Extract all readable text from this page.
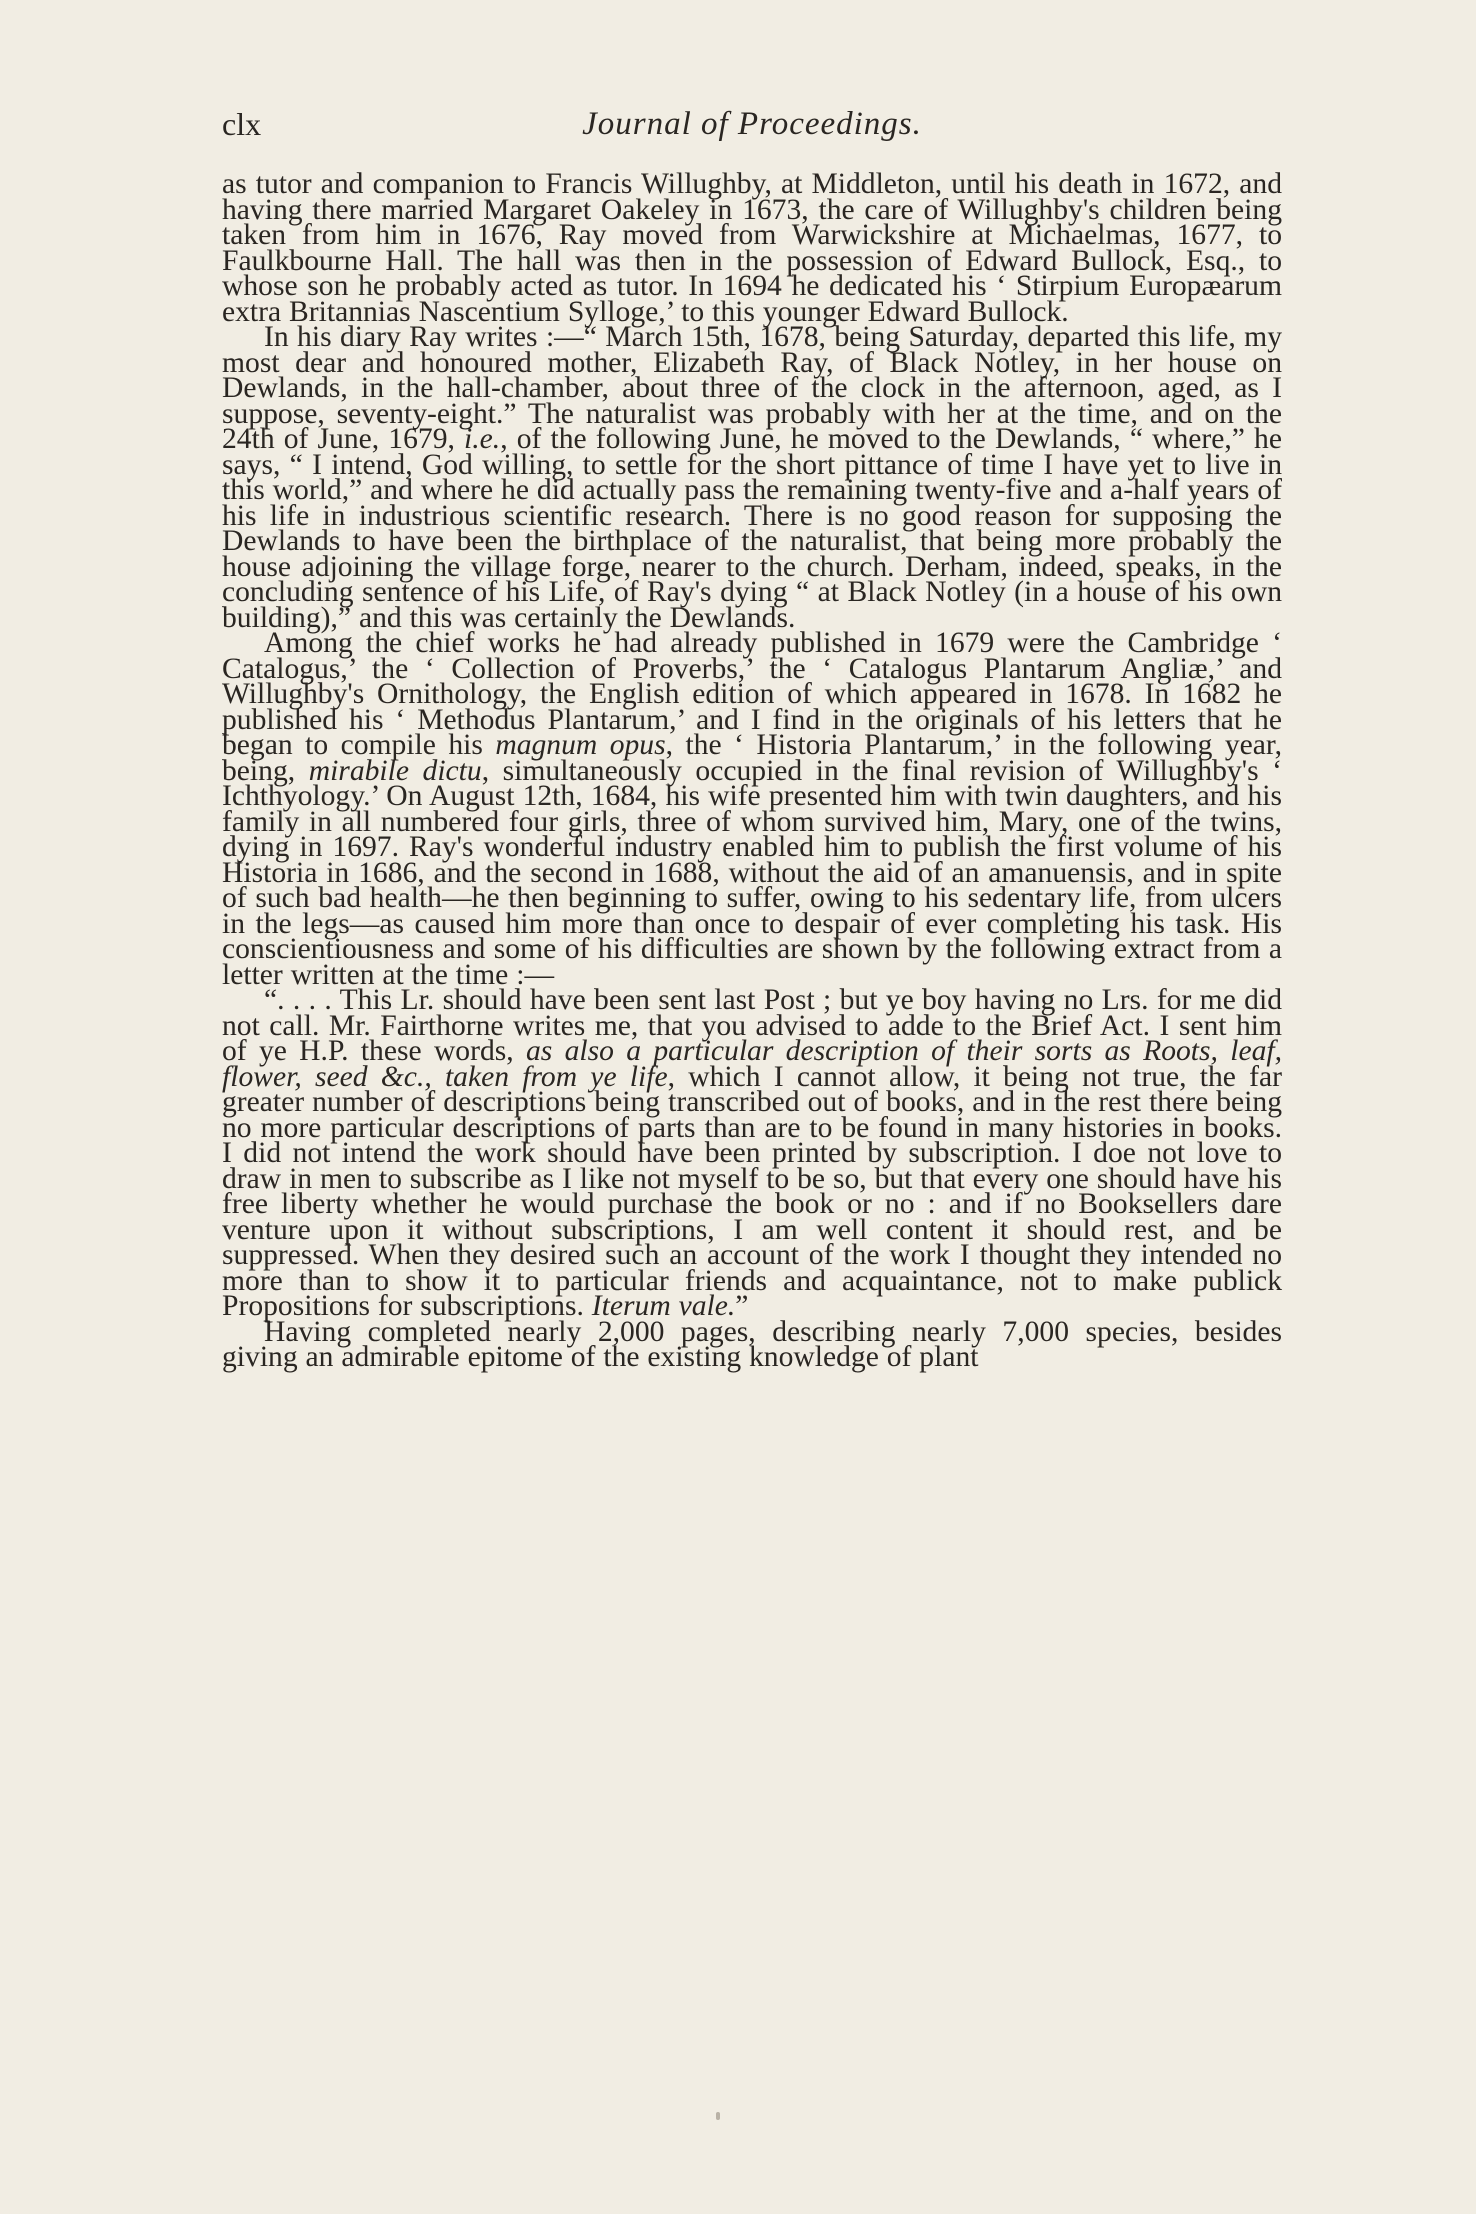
clx	Journal of Proceedings.

as tutor and companion to Francis Willughby, at Middleton, until his death in 1672, and having there married Margaret Oakeley in 1673, the care of Willughby's children being taken from him in 1676, Ray moved from Warwickshire at Michaelmas, 1677, to Faulkbourne Hall. The hall was then in the possession of Edward Bullock, Esq., to whose son he probably acted as tutor. In 1694 he dedicated his ‘ Stirpium Europæarum extra Britannias Nascentium Sylloge,’ to this younger Edward Bullock.

In his diary Ray writes :—“ March 15th, 1678, being Saturday, departed this life, my most dear and honoured mother, Elizabeth Ray, of Black Notley, in her house on Dewlands, in the hall-chamber, about three of the clock in the afternoon, aged, as I suppose, seventy-eight.” The naturalist was probably with her at the time, and on the 24th of June, 1679, i.e., of the following June, he moved to the Dewlands, “ where,” he says, “ I intend, God willing, to settle for the short pittance of time I have yet to live in this world,” and where he did actually pass the remaining twenty-five and a-half years of his life in industrious scientific research. There is no good reason for supposing the Dewlands to have been the birthplace of the naturalist, that being more probably the house adjoining the village forge, nearer to the church. Derham, indeed, speaks, in the concluding sentence of his Life, of Ray's dying “ at Black Notley (in a house of his own building),” and this was certainly the Dewlands.

Among the chief works he had already published in 1679 were the Cambridge ‘ Catalogus,’ the ‘ Collection of Proverbs,’ the ‘ Catalogus Plantarum Angliæ,’ and Willughby's Ornithology, the English edition of which appeared in 1678. In 1682 he published his ‘ Methodus Plantarum,’ and I find in the originals of his letters that he began to compile his magnum opus, the ‘ Historia Plantarum,’ in the following year, being, mirabile dictu, simultaneously occupied in the final revision of Willughby's ‘ Ichthyology.’ On August 12th, 1684, his wife presented him with twin daughters, and his family in all numbered four girls, three of whom survived him, Mary, one of the twins, dying in 1697. Ray's wonderful industry enabled him to publish the first volume of his Historia in 1686, and the second in 1688, without the aid of an amanuensis, and in spite of such bad health—he then beginning to suffer, owing to his sedentary life, from ulcers in the legs—as caused him more than once to despair of ever completing his task. His conscientiousness and some of his difficulties are shown by the following extract from a letter written at the time :—

“. . . . This Lr. should have been sent last Post ; but ye boy having no Lrs. for me did not call. Mr. Fairthorne writes me, that you advised to adde to the Brief Act. I sent him of ye H.P. these words, as also a particular description of their sorts as Roots, leaf, flower, seed &c., taken from ye life, which I cannot allow, it being not true, the far greater number of descriptions being transcribed out of books, and in the rest there being no more particular descriptions of parts than are to be found in many histories in books. I did not intend the work should have been printed by subscription. I doe not love to draw in men to subscribe as I like not myself to be so, but that every one should have his free liberty whether he would purchase the book or no : and if no Booksellers dare venture upon it without subscriptions, I am well content it should rest, and be suppressed. When they desired such an account of the work I thought they intended no more than to show it to particular friends and acquaintance, not to make publick Propositions for subscriptions. Iterum vale.”

Having completed nearly 2,000 pages, describing nearly 7,000 species, besides giving an admirable epitome of the existing knowledge of plant
